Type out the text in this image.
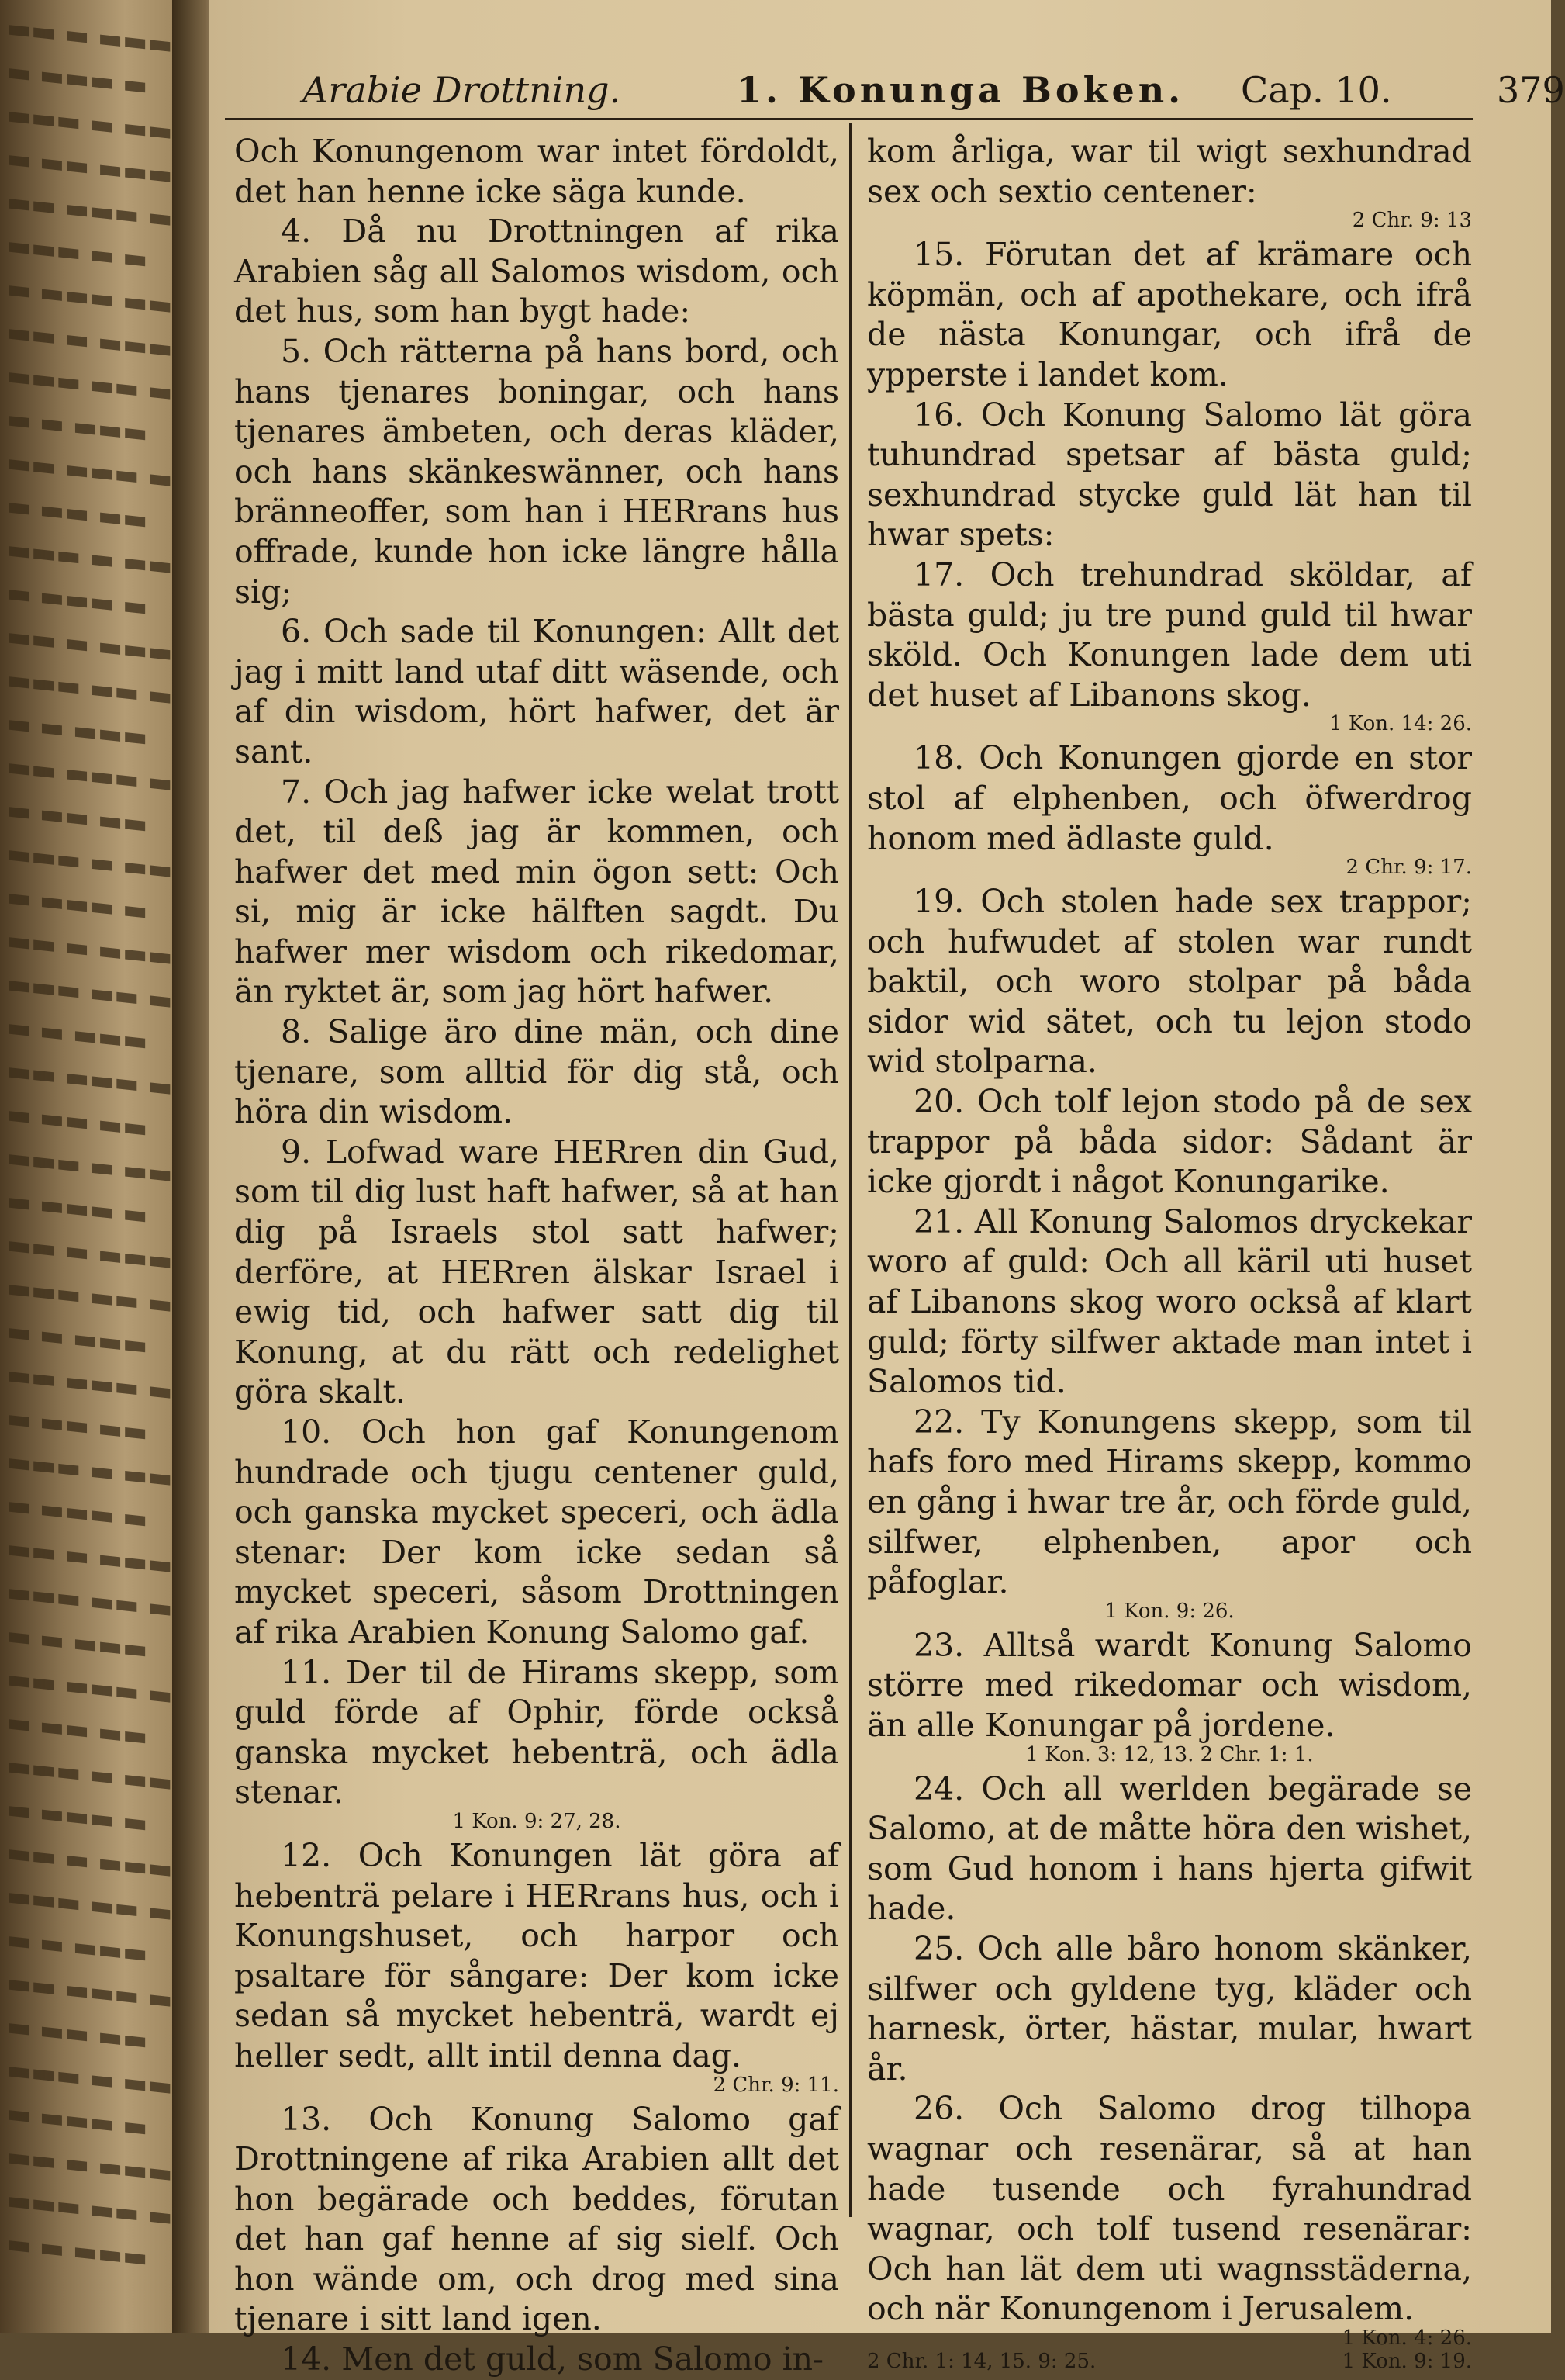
▬▬ ▬ ▬▬▬
▬ ▬▬▬ ▬
▬▬▬ ▬ ▬▬
▬ ▬▬ ▬▬▬
▬▬ ▬▬▬ ▬
▬▬▬ ▬ ▬
▬ ▬▬▬ ▬▬
▬▬ ▬ ▬▬▬
▬▬▬ ▬▬ ▬
▬ ▬ ▬▬▬
▬▬ ▬▬▬ ▬
▬ ▬▬ ▬▬
▬▬▬ ▬ ▬▬
▬ ▬▬▬ ▬
▬▬ ▬ ▬▬▬
▬▬▬ ▬▬ ▬
▬ ▬ ▬▬▬
▬▬ ▬▬▬ ▬
▬ ▬▬ ▬▬
▬▬▬ ▬ ▬▬
▬ ▬▬▬ ▬
▬▬ ▬ ▬▬▬
▬▬▬ ▬▬ ▬
▬ ▬ ▬▬▬
▬▬ ▬▬▬ ▬
▬ ▬▬ ▬▬
▬▬▬ ▬ ▬▬
▬ ▬▬▬ ▬
▬▬ ▬ ▬▬▬
▬▬▬ ▬▬ ▬
▬ ▬ ▬▬▬
▬▬ ▬▬▬ ▬
▬ ▬▬ ▬▬
▬▬▬ ▬ ▬▬
▬ ▬▬▬ ▬
▬▬ ▬ ▬▬▬
▬▬▬ ▬▬ ▬
▬ ▬ ▬▬▬
▬▬ ▬▬▬ ▬
▬ ▬▬ ▬▬
▬▬▬ ▬ ▬▬
▬ ▬▬▬ ▬
▬▬ ▬ ▬▬▬
▬▬▬ ▬▬ ▬
▬ ▬ ▬▬▬
▬▬ ▬▬▬ ▬
▬ ▬▬ ▬▬
▬▬▬ ▬ ▬▬
▬ ▬▬▬ ▬
▬▬ ▬ ▬▬▬
▬▬▬ ▬▬ ▬
▬ ▬ ▬▬▬
Arabie Drottning.	1. Konunga Boken. Cap. 10.	379

Och Konungenom war intet fördoldt, det han henne icke säga kunde.

4. Då nu Drottningen af rika Arabien såg all Salomos wisdom, och det hus, som han bygt hade:

5. Och rätterna på hans bord, och hans tjenares boningar, och hans tjenares ämbeten, och deras kläder, och hans skänkeswänner, och hans bränneoffer, som han i HERrans hus offrade, kunde hon icke längre hålla sig;

6. Och sade til Konungen: Allt det jag i mitt land utaf ditt wäsende, och af din wisdom, hört hafwer, det är sant.

7. Och jag hafwer icke welat trott det, til deß jag är kommen, och hafwer det med min ögon sett: Och si, mig är icke hälften sagdt. Du hafwer mer wisdom och rikedomar, än ryktet är, som jag hört hafwer.

8. Salige äro dine män, och dine tjenare, som alltid för dig stå, och höra din wisdom.

9. Lofwad ware HERren din Gud, som til dig lust haft hafwer, så at han dig på Israels stol satt hafwer; derföre, at HERren älskar Israel i ewig tid, och hafwer satt dig til Konung, at du rätt och redelighet göra skalt.

10. Och hon gaf Konungenom hundrade och tjugu centener guld, och ganska mycket speceri, och ädla stenar: Der kom icke sedan så mycket speceri, såsom Drottningen af rika Arabien Konung Salomo gaf.

11. Der til de Hirams skepp, som guld förde af Ophir, förde också ganska mycket hebenträ, och ädla stenar.

1 Kon. 9: 27, 28.

12. Och Konungen lät göra af hebenträ pelare i HERrans hus, och i Konungshuset, och harpor och psaltare för sångare: Der kom icke sedan så mycket hebenträ, wardt ej heller sedt, allt intil denna dag.

2 Chr. 9: 11.

13. Och Konung Salomo gaf Drottningene af rika Arabien allt det hon begärade och beddes, förutan det han gaf henne af sig sielf. Och hon wände om, och drog med sina tjenare i sitt land igen.

14. Men det guld, som Salomo in-

kom årliga, war til wigt sexhundrad sex och sextio centener:

2 Chr. 9: 13

15. Förutan det af krämare och köpmän, och af apothekare, och ifrå de nästa Konungar, och ifrå de ypperste i landet kom.

16. Och Konung Salomo lät göra tuhundrad spetsar af bästa guld; sexhundrad stycke guld lät han til hwar spets:

17. Och trehundrad sköldar, af bästa guld; ju tre pund guld til hwar sköld. Och Konungen lade dem uti det huset af Libanons skog.

1 Kon. 14: 26.

18. Och Konungen gjorde en stor stol af elphenben, och öfwerdrog honom med ädlaste guld.

2 Chr. 9: 17.

19. Och stolen hade sex trappor; och hufwudet af stolen war rundt baktil, och woro stolpar på båda sidor wid sätet, och tu lejon stodo wid stolparna.

20. Och tolf lejon stodo på de sex trappor på båda sidor: Sådant är icke gjordt i något Konungarike.

21. All Konung Salomos dryckekar woro af guld: Och all käril uti huset af Libanons skog woro också af klart guld; förty silfwer aktade man intet i Salomos tid.

22. Ty Konungens skepp, som til hafs foro med Hirams skepp, kommo en gång i hwar tre år, och förde guld, silfwer, elphenben, apor och påfoglar.

1 Kon. 9: 26.

23. Alltså wardt Konung Salomo större med rikedomar och wisdom, än alle Konungar på jordene.

1 Kon. 3: 12, 13. 2 Chr. 1: 1.

24. Och all werlden begärade se Salomo, at de måtte höra den wishet, som Gud honom i hans hjerta gifwit hade.

25. Och alle båro honom skänker, silfwer och gyldene tyg, kläder och harnesk, örter, hästar, mular, hwart år.

26. Och Salomo drog tilhopa wagnar och resenärar, så at han hade tusende och fyrahundrad wagnar, och tolf tusend resenärar: Och han lät dem uti wagnsstäderna, och när Konungenom i Jerusalem.

1 Kon. 4: 26.
2 Chr. 1: 14, 15. 9: 25.	1 Kon. 9: 19.
